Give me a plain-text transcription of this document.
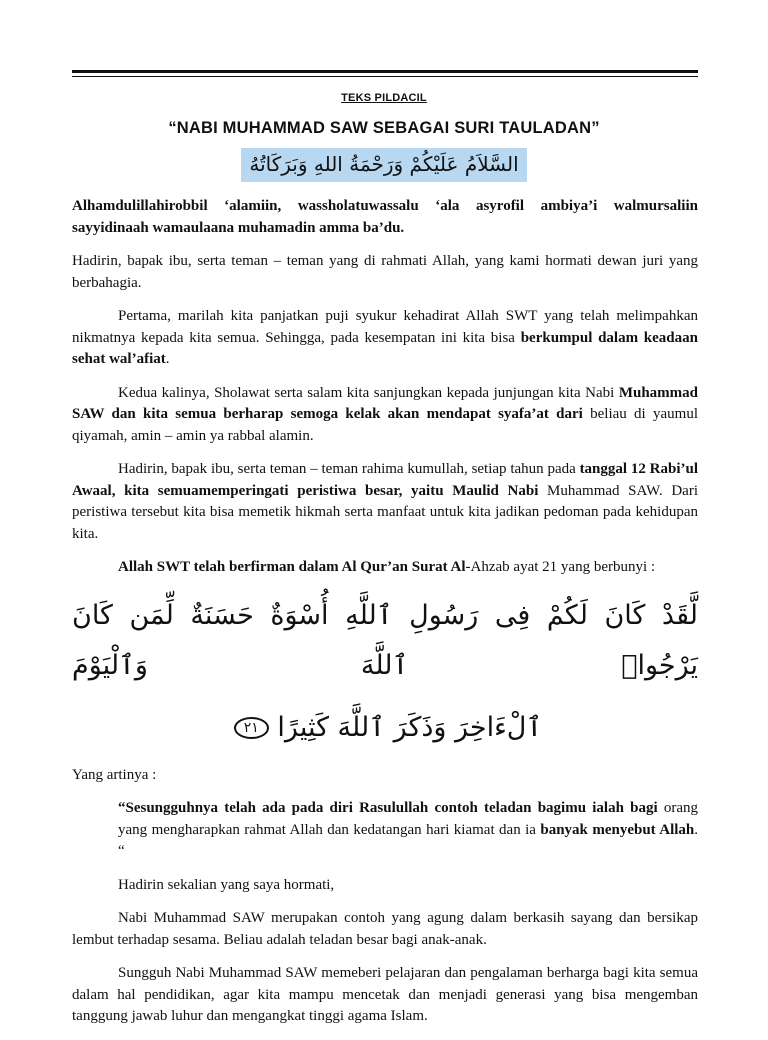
TEKS PILDACIL
“NABI MUHAMMAD SAW SEBAGAI SURI TAULADAN”
السَّلاَمُ عَلَيْكُمْ وَرَحْمَةُ اللهِ وَبَرَكَاتُهُ

Alhamdulillahirobbil ‘alamiin, wassholatuwassalu ‘ala asyrofil ambiya’i walmursaliin sayyidinaah wamaulaana muhamadin amma ba’du.

Hadirin, bapak ibu, serta teman – teman yang di rahmati Allah, yang kami hormati dewan juri yang berbahagia.

Pertama, marilah kita panjatkan puji syukur kehadirat Allah SWT yang telah melimpahkan nikmatnya kepada kita semua. Sehingga, pada kesempatan ini kita bisa berkumpul dalam keadaan sehat wal’afiat.

Kedua kalinya, Sholawat serta salam kita sanjungkan kepada junjungan kita Nabi Muhammad SAW dan kita semua berharap semoga kelak akan mendapat syafa’at dari beliau di yaumul qiyamah, amin – amin ya rabbal alamin.

Hadirin, bapak ibu, serta teman – teman rahima kumullah, setiap tahun pada tanggal 12 Rabi’ul Awaal, kita semuamemperingati peristiwa besar, yaitu Maulid Nabi Muhammad SAW. Dari peristiwa tersebut kita bisa memetik hikmah serta manfaat untuk kita jadikan pedoman pada kehidupan kita.

Allah SWT telah berfirman dalam Al Qur’an Surat Al-Ahzab ayat 21 yang berbunyi :

لَّقَدْ كَانَ لَكُمْ فِى رَسُولِ ٱللَّهِ أُسْوَةٌ حَسَنَةٌ لِّمَن كَانَ يَرْجُوا۟ ٱللَّهَ وَٱلْيَوْمَ
ٱلْءَاخِرَ وَذَكَرَ ٱللَّهَ كَثِيرًا ٢١

Yang artinya :

“Sesungguhnya telah ada pada diri Rasulullah contoh teladan bagimu ialah bagi orang yang mengharapkan rahmat Allah dan kedatangan hari kiamat dan ia banyak menyebut Allah. “

Hadirin sekalian yang saya hormati,

Nabi Muhammad SAW merupakan contoh yang agung dalam berkasih sayang dan bersikap lembut terhadap sesama. Beliau adalah teladan besar bagi anak-anak.

Sungguh Nabi Muhammad SAW memeberi pelajaran dan pengalaman berharga bagi kita semua dalam hal pendidikan, agar kita mampu mencetak dan menjadi generasi yang bisa mengemban tanggung jawab luhur dan mengangkat tinggi agama Islam.
